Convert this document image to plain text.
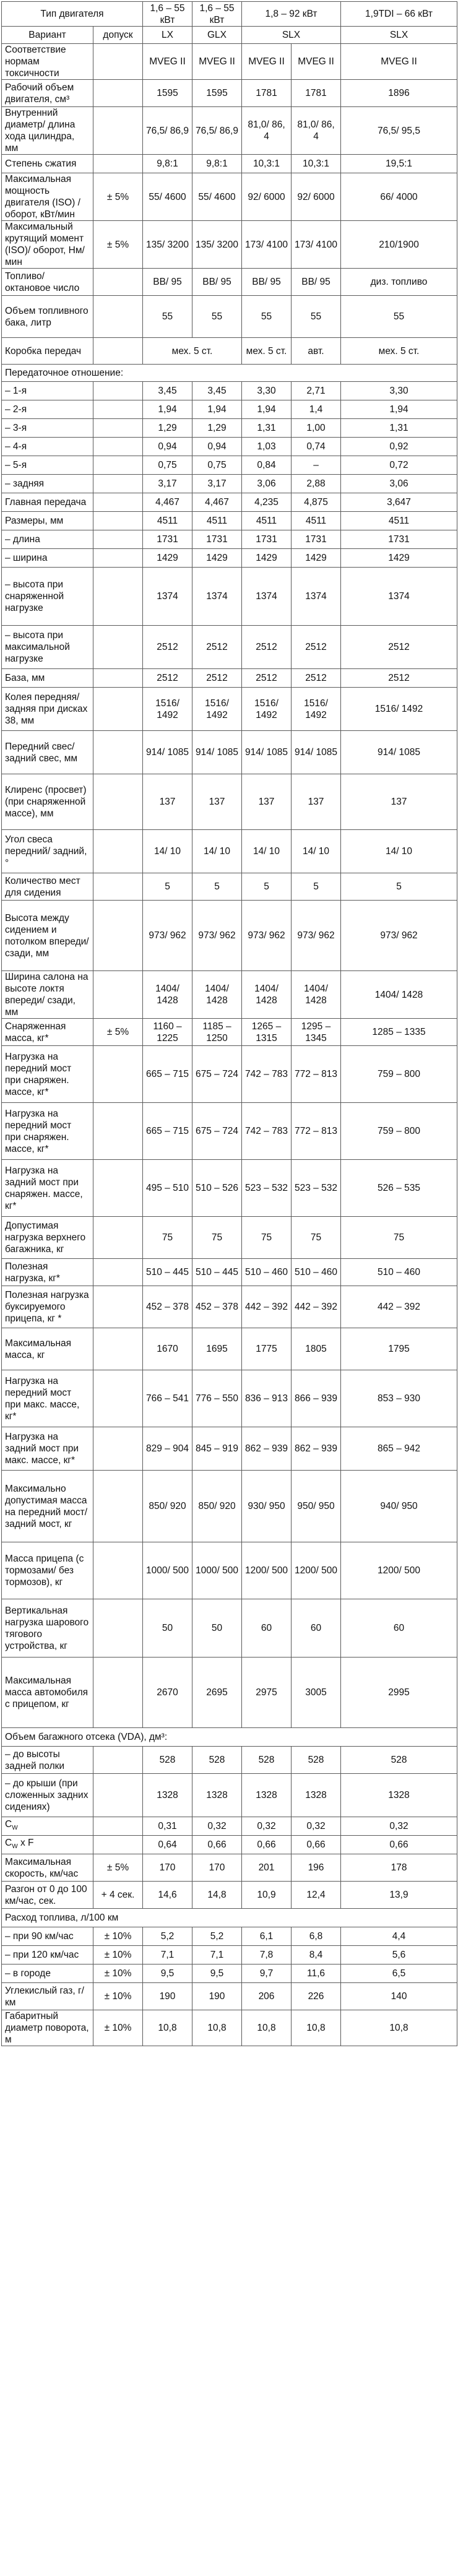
Тип двигателя		1,6 – 55 кВт	1,6 – 55 кВт	1,8 – 92 кВт		1,9TDI – 66 кВт
Вариант	допуск	LX	GLX	SLX		SLX
Соответствие нормам токсичности		MVEG II	MVEG II	MVEG II	MVEG II	MVEG II
Рабочий объем двигателя, см³		1595	1595	1781	1781	1896
Внутренний диаметр/ длина хода цилиндра, мм		76,5/ 86,9	76,5/ 86,9	81,0/ 86, 4	81,0/ 86, 4	76,5/ 95,5
Степень сжатия		9,8:1	9,8:1	10,3:1	10,3:1	19,5:1
Максимальная мощность двигателя (ISO) /оборот, кВт/мин	± 5%	55/ 4600	55/ 4600	92/ 6000	92/ 6000	66/ 4000
Максимальный крутящий момент (ISO)/ оборот, Нм/мин	± 5%	135/ 3200	135/ 3200	173/ 4100	173/ 4100	210/1900
Топливо/ октановое число		ВВ/ 95	ВВ/ 95	ВВ/ 95	ВВ/ 95	диз. топливо
Объем топливного бака, литр		55	55	55	55	55
Коробка передач		мех. 5 ст.		мех. 5 ст.	авт.	мех. 5 ст.
Передаточное отношение:						
– 1-я		3,45	3,45	3,30	2,71	3,30
– 2-я		1,94	1,94	1,94	1,4	1,94
– 3-я		1,29	1,29	1,31	1,00	1,31
– 4-я		0,94	0,94	1,03	0,74	0,92
– 5-я		0,75	0,75	0,84	–	0,72
– задняя		3,17	3,17	3,06	2,88	3,06
Главная передача		4,467	4,467	4,235	4,875	3,647
Размеры, мм		4511	4511	4511	4511	4511
– длина		1731	1731	1731	1731	1731
– ширина		1429	1429	1429	1429	1429
– высота при снаряженной нагрузке		1374	1374	1374	1374	1374
– высота при максимальной нагрузке		2512	2512	2512	2512	2512
База, мм		2512	2512	2512	2512	2512
Колея передняя/ задняя при дисках 38, мм		1516/ 1492	1516/ 1492	1516/ 1492	1516/ 1492	1516/ 1492
Передний свес/ задний свес, мм		914/ 1085	914/ 1085	914/ 1085	914/ 1085	914/ 1085
Клиренс (просвет) (при снаряженной массе), мм		137	137	137	137	137
Угол свеса передний/ задний, °		14/ 10	14/ 10	14/ 10	14/ 10	14/ 10
Количество мест для сидения		5	5	5	5	5
Высота между сидением и потолком впереди/ сзади, мм		973/ 962	973/ 962	973/ 962	973/ 962	973/ 962
Ширина салона на высоте локтя впереди/ сзади, мм		1404/ 1428	1404/ 1428	1404/ 1428	1404/ 1428	1404/ 1428
Снаряженная масса, кг*	± 5%	1160 – 1225	1185 – 1250	1265 – 1315	1295 – 1345	1285 – 1335
Нагрузка на передний мост при снаряжен. массе, кг*		665 – 715	675 – 724	742 – 783	772 – 813	759 – 800
Нагрузка на передний мост при снаряжен. массе, кг*		665 – 715	675 – 724	742 – 783	772 – 813	759 – 800
Нагрузка на задний мост при снаряжен. массе, кг*		495 – 510	510 – 526	523 – 532	523 – 532	526 – 535
Допустимая нагрузка верхнего багажника, кг		75	75	75	75	75
Полезная нагрузка, кг*		510 – 445	510 – 445	510 – 460	510 – 460	510 – 460
Полезная нагрузка буксируемого прицепа, кг *		452 – 378	452 – 378	442 – 392	442 – 392	442 – 392
Максимальная масса, кг		1670	1695	1775	1805	1795
Нагрузка на передний мост при макс. массе, кг*		766 – 541	776 – 550	836 – 913	866 – 939	853 – 930
Нагрузка на задний мост при макс. массе, кг*		829 – 904	845 – 919	862 – 939	862 – 939	865 – 942
Максимально допустимая масса на передний мост/ задний мост, кг		850/ 920	850/ 920	930/ 950	950/ 950	940/ 950
Масса прицепа (с тормозами/ без тормозов), кг		1000/ 500	1000/ 500	1200/ 500	1200/ 500	1200/ 500
Вертикальная нагрузка шарового тягового устройства, кг		50	50	60	60	60
Максимальная масса автомобиля с прицепом, кг		2670	2695	2975	3005	2995
Объем багажного отсека (VDA), дм³:						
– до высоты задней полки		528	528	528	528	528
– до крыши (при сложенных задних сидениях)		1328	1328	1328	1328	1328
$C_W$		0,31	0,32	0,32	0,32	0,32
$C_W$ x F		0,64	0,66	0,66	0,66	0,66
Максимальная скорость, км/час	± 5%	170	170	201	196	178
Разгон от 0 до 100 км/час, сек.	+ 4 сек.	14,6	14,8	10,9	12,4	13,9
Расход топлива, л/100 км						
– при 90 км/час	± 10%	5,2	5,2	6,1	6,8	4,4
– при 120 км/час	± 10%	7,1	7,1	7,8	8,4	5,6
– в городе	± 10%	9,5	9,5	9,7	11,6	6,5
Углекислый газ, г/км	± 10%	190	190	206	226	140
Габаритный диаметр поворота, м	± 10%	10,8	10,8	10,8	10,8	10,8
